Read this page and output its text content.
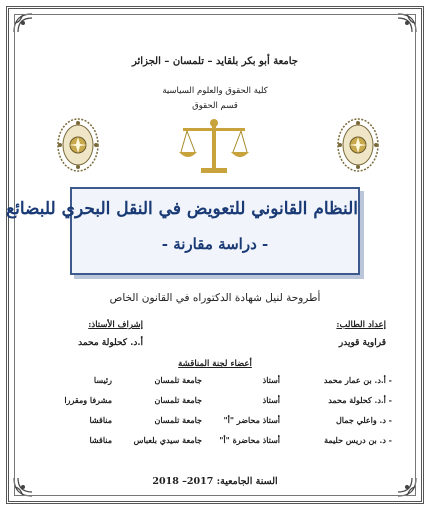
جامعة أبو بكر بلقايد – تلمسان – الجزائر
كلية الحقوق والعلوم السياسية
قسم الحقوق
النظام القانوني للتعويض في النقل البحري للبضائع
- دراسة مقارنة -
أطروحة لنيل شهادة الدكتوراه في القانون الخاص
إعداد الطالب:
إشراف الأستاذ:
قراوية قويدر
أ.د. كحلولة محمد
أعضاء لجنة المناقشة
- أ.د. بن عمار محمد
أستاذ
جامعة تلمسان
رئيسا
- أ.د. كحلولة محمد
أستاذ
جامعة تلمسان
مشرفا ومقررا
- د. واعلي جمال
أستاذ محاضر "أ"
جامعة تلمسان
مناقشا
- د. بن دريس حليمة
أستاذ محاضرة "أ"
جامعة سيدي بلعباس
مناقشا
السنة الجامعية: 2017– 2018
